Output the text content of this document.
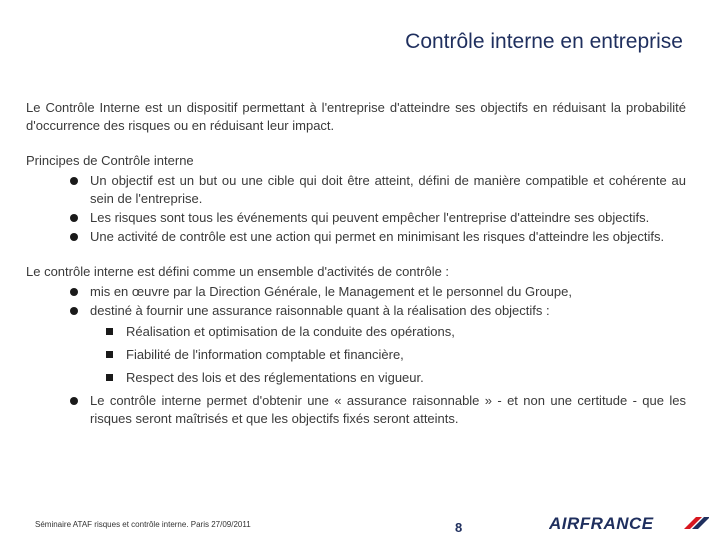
Contrôle interne en entreprise

Le Contrôle Interne est un dispositif permettant à l'entreprise d'atteindre ses objectifs en réduisant la probabilité d'occurrence des risques ou en réduisant leur impact.

Principes de Contrôle interne

Un objectif est un but ou une cible qui doit être atteint, défini de manière compatible et cohérente au sein de l'entreprise.
Les risques sont tous les événements qui peuvent empêcher l'entreprise d'atteindre ses objectifs.
Une activité de contrôle est une action qui permet en minimisant les risques d'atteindre les objectifs.

Le contrôle interne est défini comme un ensemble d'activités de contrôle :

mis en œuvre par la Direction Générale, le Management et le personnel du Groupe,
destiné à fournir une assurance raisonnable quant à la réalisation des objectifs :
Réalisation et optimisation de la conduite des opérations,
Fiabilité de l'information comptable et financière,
Respect des lois et des réglementations en vigueur.
Le contrôle interne permet d'obtenir une « assurance raisonnable » - et non une certitude - que les risques seront maîtrisés et que les objectifs fixés seront atteints.
Séminaire ATAF risques et contrôle interne. Paris 27/09/2011	8	AIRFRANCE
